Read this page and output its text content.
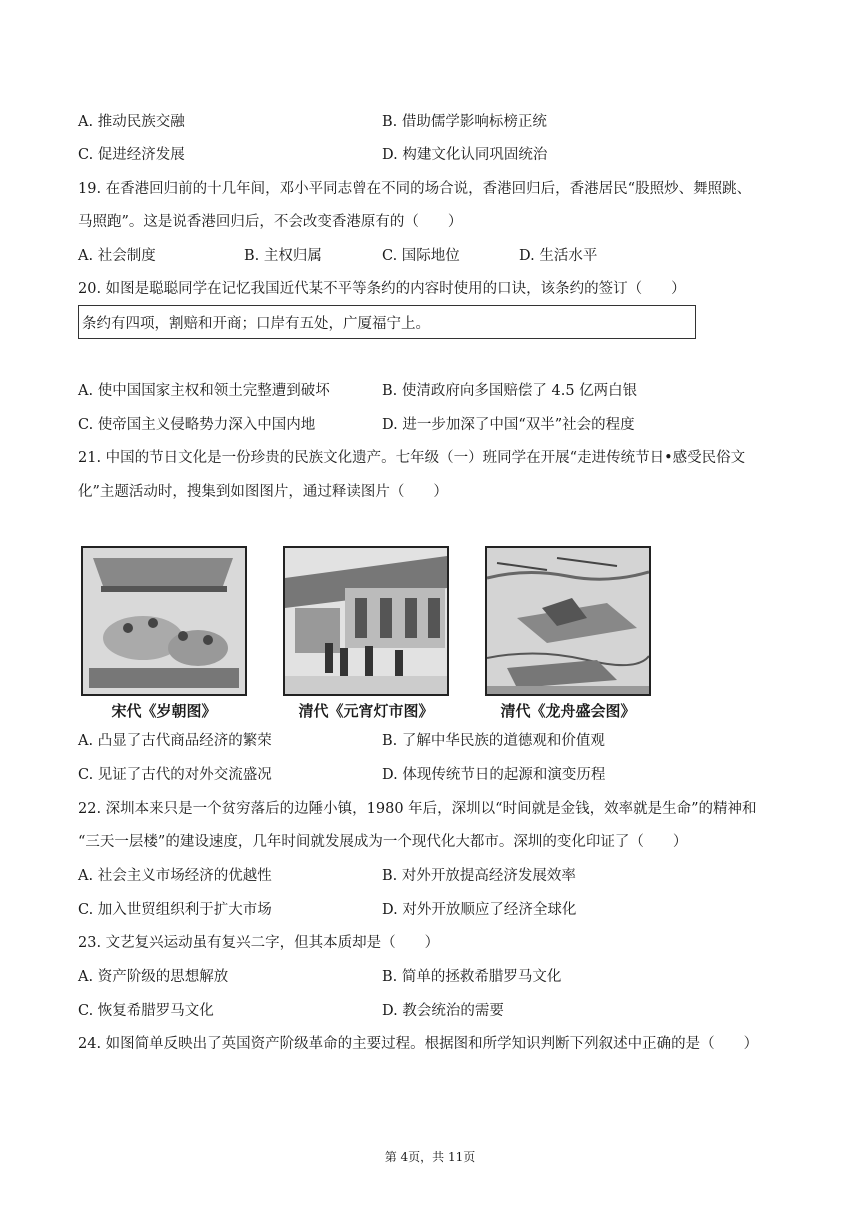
A. 推动民族交融	B. 借助儒学影响标榜正统
C. 促进经济发展	D. 构建文化认同巩固统治
19. 在香港回归前的十几年间，邓小平同志曾在不同的场合说，香港回归后，香港居民“股照炒、舞照跳、
马照跑”。这是说香港回归后，不会改变香港原有的（　　）
A. 社会制度	B. 主权归属	C. 国际地位	D. 生活水平
20. 如图是聪聪同学在记忆我国近代某不平等条约的内容时使用的口诀，该条约的签订（　　）
条约有四项，割赔和开商；口岸有五处，广厦福宁上。
A. 使中国国家主权和领土完整遭到破坏	B. 使清政府向多国赔偿了 4.5 亿两白银
C. 使帝国主义侵略势力深入中国内地	D. 进一步加深了中国“双半”社会的程度
21. 中国的节日文化是一份珍贵的民族文化遗产。七年级（一）班同学在开展“走进传统节日•感受民俗文
化”主题活动时，搜集到如图图片，通过释读图片（　　）
宋代《岁朝图》	清代《元宵灯市图》	清代《龙舟盛会图》
A. 凸显了古代商品经济的繁荣	B. 了解中华民族的道德观和价值观
C. 见证了古代的对外交流盛况	D. 体现传统节日的起源和演变历程
22. 深圳本来只是一个贫穷落后的边陲小镇，1980 年后，深圳以“时间就是金钱，效率就是生命”的精神和
“三天一层楼”的建设速度，几年时间就发展成为一个现代化大都市。深圳的变化印证了（　　）
A. 社会主义市场经济的优越性	B. 对外开放提高经济发展效率
C. 加入世贸组织利于扩大市场	D. 对外开放顺应了经济全球化
23. 文艺复兴运动虽有复兴二字，但其本质却是（　　）
A. 资产阶级的思想解放	B. 简单的拯救希腊罗马文化
C. 恢复希腊罗马文化	D. 教会统治的需要
24. 如图简单反映出了英国资产阶级革命的主要过程。根据图和所学知识判断下列叙述中正确的是（　　）
第 4页，共 11页
